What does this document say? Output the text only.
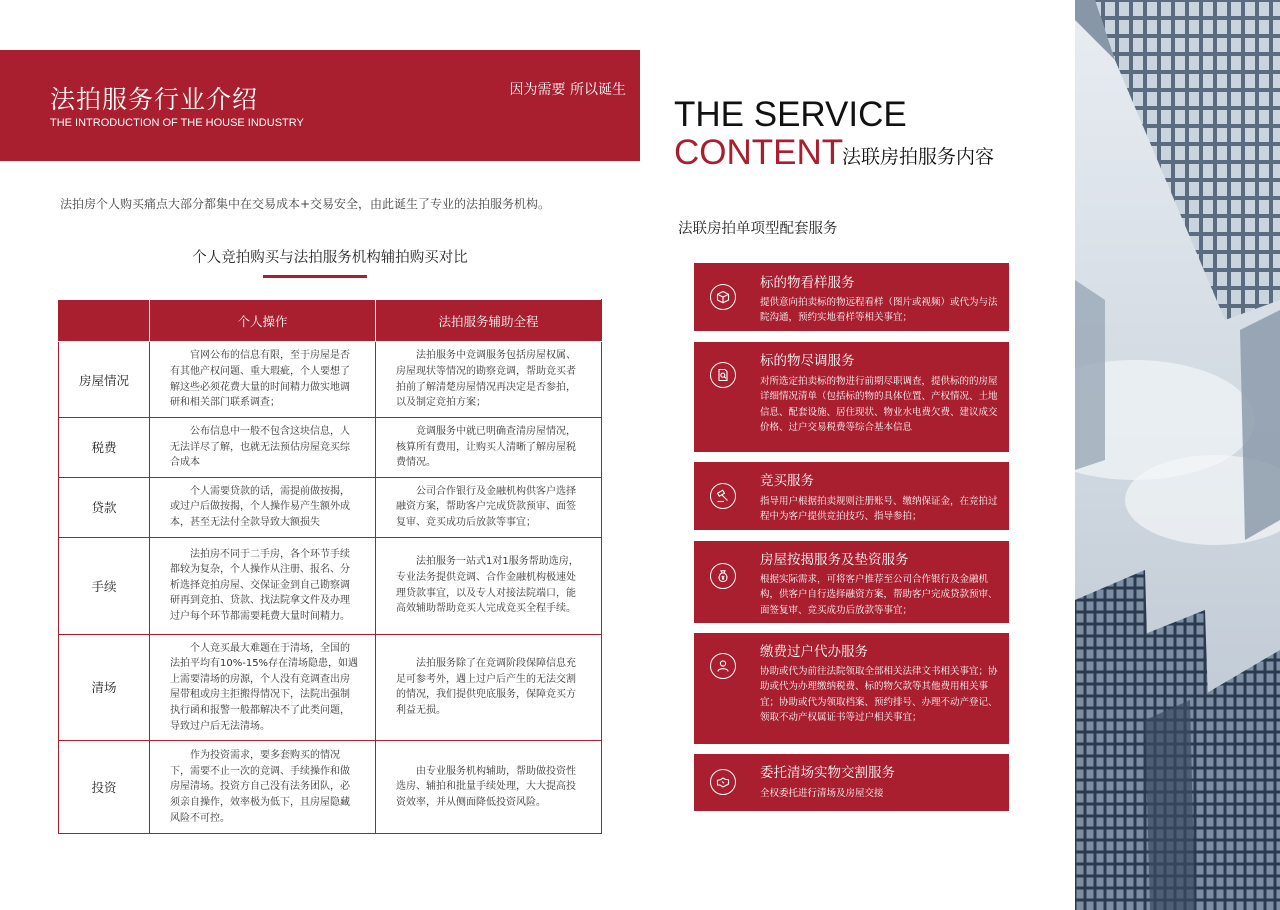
法拍服务行业介绍
THE INTRODUCTION OF THE HOUSE INDUSTRY
因为需要 所以诞生
法拍房个人购买痛点大部分都集中在交易成本+交易安全，由此诞生了专业的法拍服务机构。
个人竞拍购买与法拍服务机构辅拍购买对比
	个人操作	法拍服务辅助全程
房屋情况	官网公布的信息有限，至于房屋是否有其他产权问题、重大瑕疵，个人要想了解这些必须花费大量的时间精力做实地调研和相关部门联系调查；	法拍服务中竞调服务包括房屋权属、房屋现状等情况的勘察竞调，帮助竞买者拍前了解清楚房屋情况再决定是否参拍，以及制定竞拍方案；
税费	公布信息中一般不包含这块信息，人无法详尽了解，也就无法预估房屋竞买综合成本	竞调服务中就已明确查清房屋情况，核算所有费用，让购买人清晰了解房屋税费情况。
贷款	个人需要贷款的话，需提前做按揭，或过户后做按揭，个人操作易产生额外成本，甚至无法付全款导致大额损失	公司合作银行及金融机构供客户选择融资方案，帮助客户完成贷款预审、面签复审、竞买成功后放款等事宜；
手续	法拍房不同于二手房，各个环节手续都较为复杂，个人操作从注册、报名、分析选择竞拍房屋、交保证金到自己勘察调研再到竞拍、贷款、找法院拿文件及办理过户每个环节都需要耗费大量时间精力。	法拍服务一站式1对1服务帮助选房，专业法务提供竞调、合作金融机构极速处理贷款事宜，以及专人对接法院端口，能高效辅助帮助竞买人完成竞买全程手续。
清场	个人竞买最大难题在于清场，全国的法拍平均有10%-15%存在清场隐患，如遇上需要清场的房源，个人没有竞调查出房屋带租或房主拒搬得情况下，法院出强制执行函和报警一般都解决不了此类问题，导致过户后无法清场。	法拍服务除了在竞调阶段保障信息充足可参考外，遇上过户后产生的无法交割的情况，我们提供兜底服务，保障竞买方利益无损。
投资	作为投资需求，要多套购买的情况下，需要不止一次的竞调、手续操作和做房屋清场。投资方自己没有法务团队，必须亲自操作，效率极为低下，且房屋隐藏风险不可控。	由专业服务机构辅助，帮助做投资性选房、辅拍和批量手续处理，大大提高投资效率，并从侧面降低投资风险。
THE SERVICE
CONTENT
法联房拍服务内容
法联房拍单项型配套服务
标的物看样服务
提供意向拍卖标的物远程看样（图片或视频）或代为与法院沟通，预约实地看样等相关事宜；
标的物尽调服务
对所选定拍卖标的物进行前期尽职调查，提供标的的房屋详细情况清单（包括标的物的具体位置、产权情况、土地信息、配套设施、居住现状、物业水电费欠费、建议成交价格、过户交易税费等综合基本信息
竞买服务
指导用户根据拍卖规则注册账号、缴纳保证金，在竞拍过程中为客户提供竞拍技巧、指导参拍；
房屋按揭服务及垫资服务
根据实际需求，可将客户推荐至公司合作银行及金融机构，供客户自行选择融资方案，帮助客户完成贷款预审、面签复审、竞买成功后放款等事宜；
缴费过户代办服务
协助或代为前往法院领取全部相关法律文书相关事宜；协助或代为办理缴纳税费、标的物欠款等其他费用相关事宜；协助或代为领取档案、预约排号、办理不动产登记、领取不动产权属证书等过户相关事宜；
委托清场实物交割服务
全权委托进行清场及房屋交接
